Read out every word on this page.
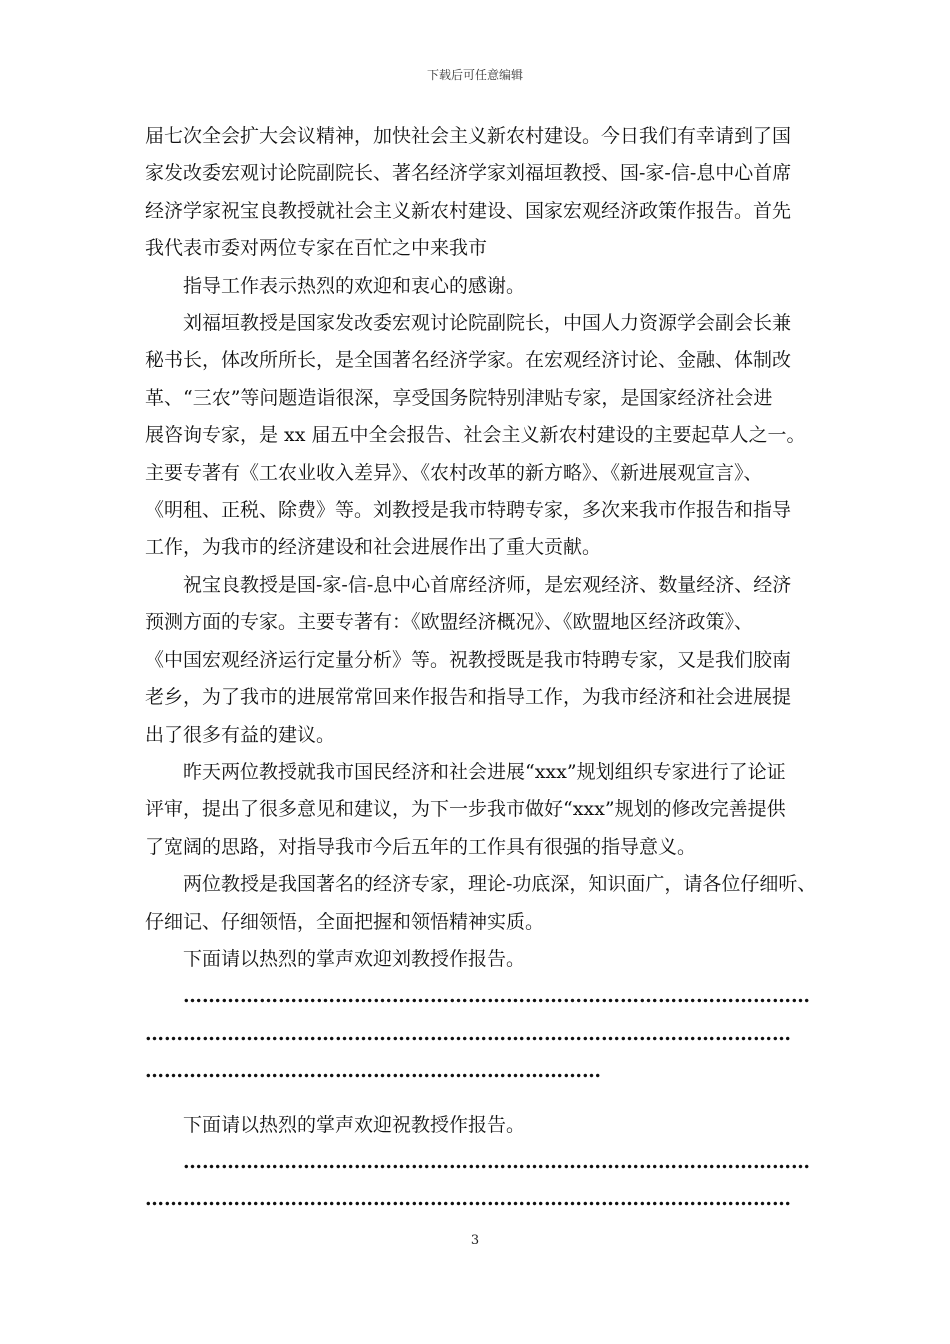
下载后可任意编辑

届七次全会扩大会议精神，加快社会主义新农村建设。今日我们有幸请到了国

家发改委宏观讨论院副院长、著名经济学家刘福垣教授、国-家-信-息中心首席

经济学家祝宝良教授就社会主义新农村建设、国家宏观经济政策作报告。首先

我代表市委对两位专家在百忙之中来我市

指导工作表示热烈的欢迎和衷心的感谢。

刘福垣教授是国家发改委宏观讨论院副院长，中国人力资源学会副会长兼

秘书长，体改所所长，是全国著名经济学家。在宏观经济讨论、金融、体制改

革、“三农”等问题造诣很深，享受国务院特别津贴专家，是国家经济社会进

展咨询专家，是 xx 届五中全会报告、社会主义新农村建设的主要起草人之一。

主要专著有《工农业收入差异》、《农村改革的新方略》、《新进展观宣言》、

《明租、正税、除费》等。刘教授是我市特聘专家，多次来我市作报告和指导

工作，为我市的经济建设和社会进展作出了重大贡献。

祝宝良教授是国-家-信-息中心首席经济师，是宏观经济、数量经济、经济

预测方面的专家。主要专著有：《欧盟经济概况》、《欧盟地区经济政策》、

《中国宏观经济运行定量分析》等。祝教授既是我市特聘专家，又是我们胶南

老乡，为了我市的进展常常回来作报告和指导工作，为我市经济和社会进展提

出了很多有益的建议。

昨天两位教授就我市国民经济和社会进展“xxx”规划组织专家进行了论证

评审，提出了很多意见和建议，为下一步我市做好“xxx”规划的修改完善提供

了宽阔的思路，对指导我市今后五年的工作具有很强的指导意义。

两位教授是我国著名的经济专家，理论-功底深，知识面广，请各位仔细听、

仔细记、仔细领悟，全面把握和领悟精神实质。

下面请以热烈的掌声欢迎刘教授作报告。

………………………………………………………………………………………

…………………………………………………………………………………………

………………………………………………………………

下面请以热烈的掌声欢迎祝教授作报告。

………………………………………………………………………………………

…………………………………………………………………………………………

3
